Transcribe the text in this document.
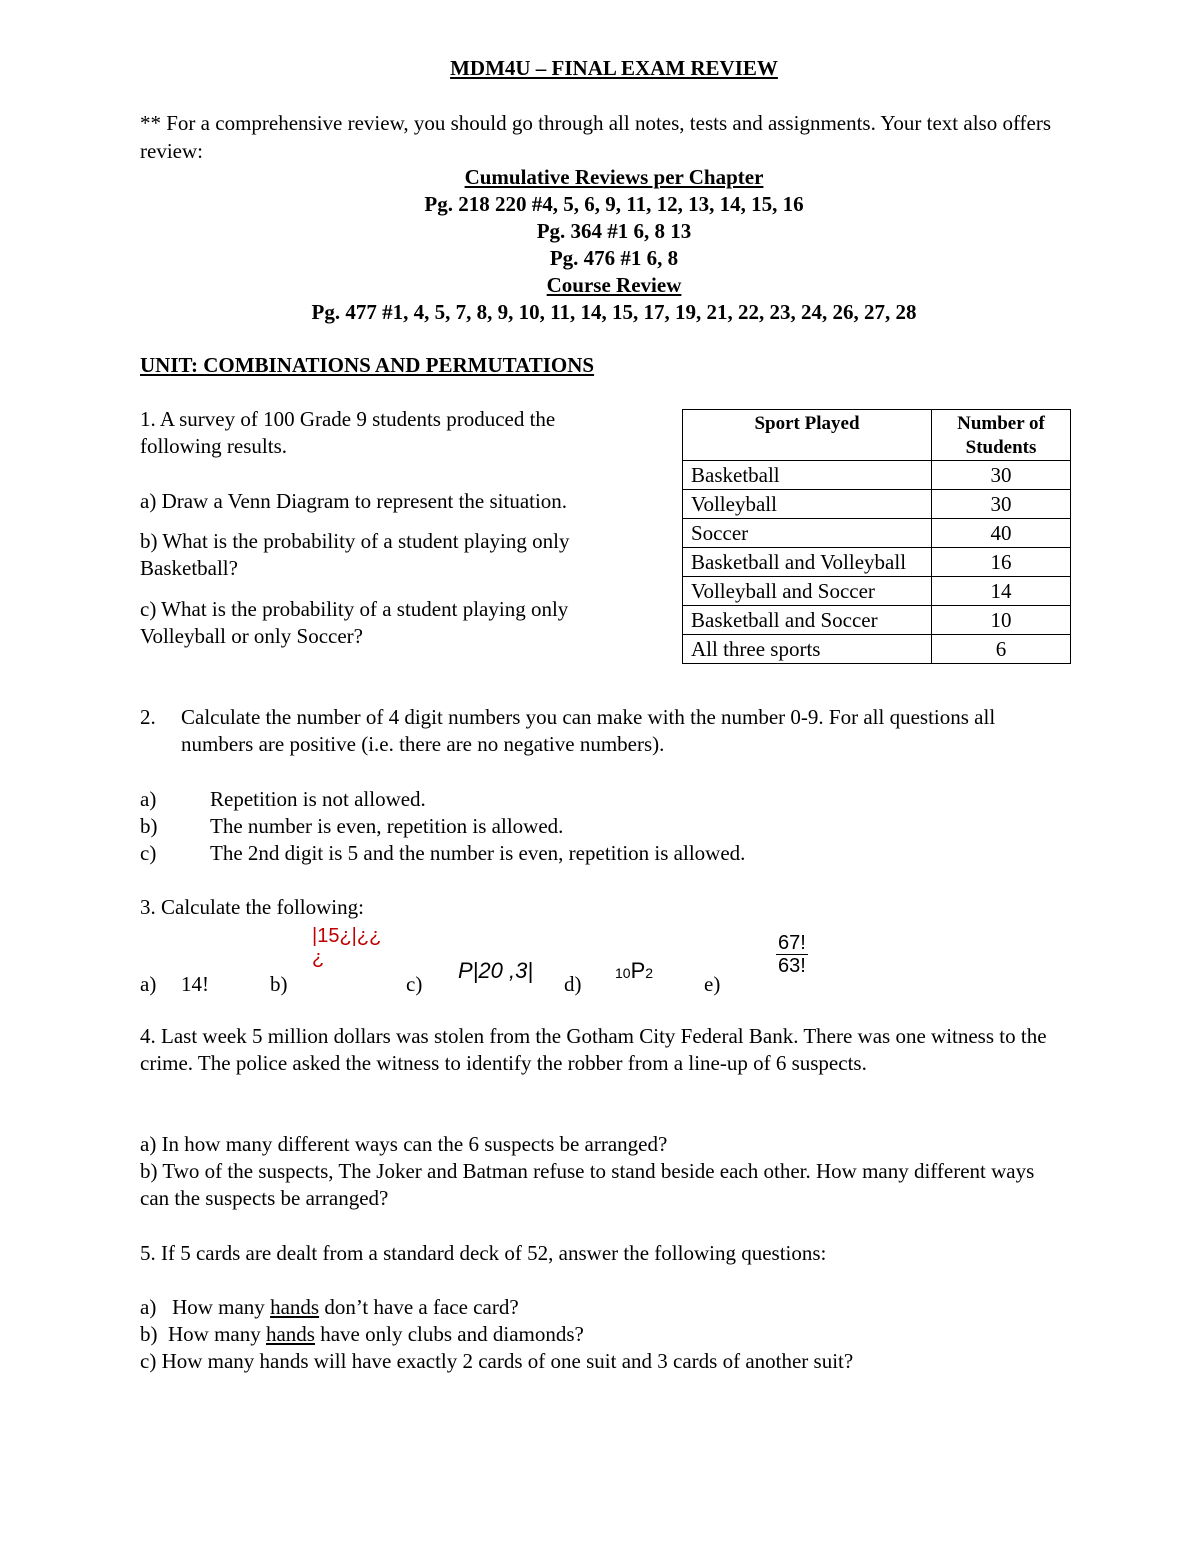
MDM4U – FINAL EXAM REVIEW
** For a comprehensive review, you should go through all notes, tests and assignments. Your text also offers review:
Cumulative Reviews per Chapter
Pg. 218 220 #4, 5, 6, 9, 11, 12, 13, 14, 15, 16
Pg. 364 #1 6, 8 13
Pg. 476 #1 6, 8
Course Review
Pg. 477 #1, 4, 5, 7, 8, 9, 10, 11, 14, 15, 17, 19, 21, 22, 23, 24, 26, 27, 28
UNIT: COMBINATIONS AND PERMUTATIONS
1. A survey of 100 Grade 9 students produced the following results.
a) Draw a Venn Diagram to represent the situation.
b) What is the probability of a student playing only Basketball?
c) What is the probability of a student playing only Volleyball or only Soccer?
Sport Played	Number of Students
Basketball	30
Volleyball	30
Soccer	40
Basketball and Volleyball	16
Volleyball and Soccer	14
Basketball and Soccer	10
All three sports	6
2. Calculate the number of 4 digit numbers you can make with the number 0-9. For all questions all numbers are positive (i.e. there are no negative numbers).
a)	Repetition is not allowed.
b)	The number is even, repetition is allowed.
c)	The 2nd digit is 5 and the number is even, repetition is allowed.
3. Calculate the following:
a) 14!	b)
|15¿|¿¿
¿
c)
P|20 ,3|
d) 10P2 e)
$\frac{67!}{63!}$
4. Last week 5 million dollars was stolen from the Gotham City Federal Bank. There was one witness to the crime. The police asked the witness to identify the robber from a line-up of 6 suspects.
a) In how many different ways can the 6 suspects be arranged?
b) Two of the suspects, The Joker and Batman refuse to stand beside each other. How many different ways can the suspects be arranged?
5. If 5 cards are dealt from a standard deck of 52, answer the following questions:
a)   How many hands don’t have a face card?
b)  How many hands have only clubs and diamonds?
c) How many hands will have exactly 2 cards of one suit and 3 cards of another suit?
